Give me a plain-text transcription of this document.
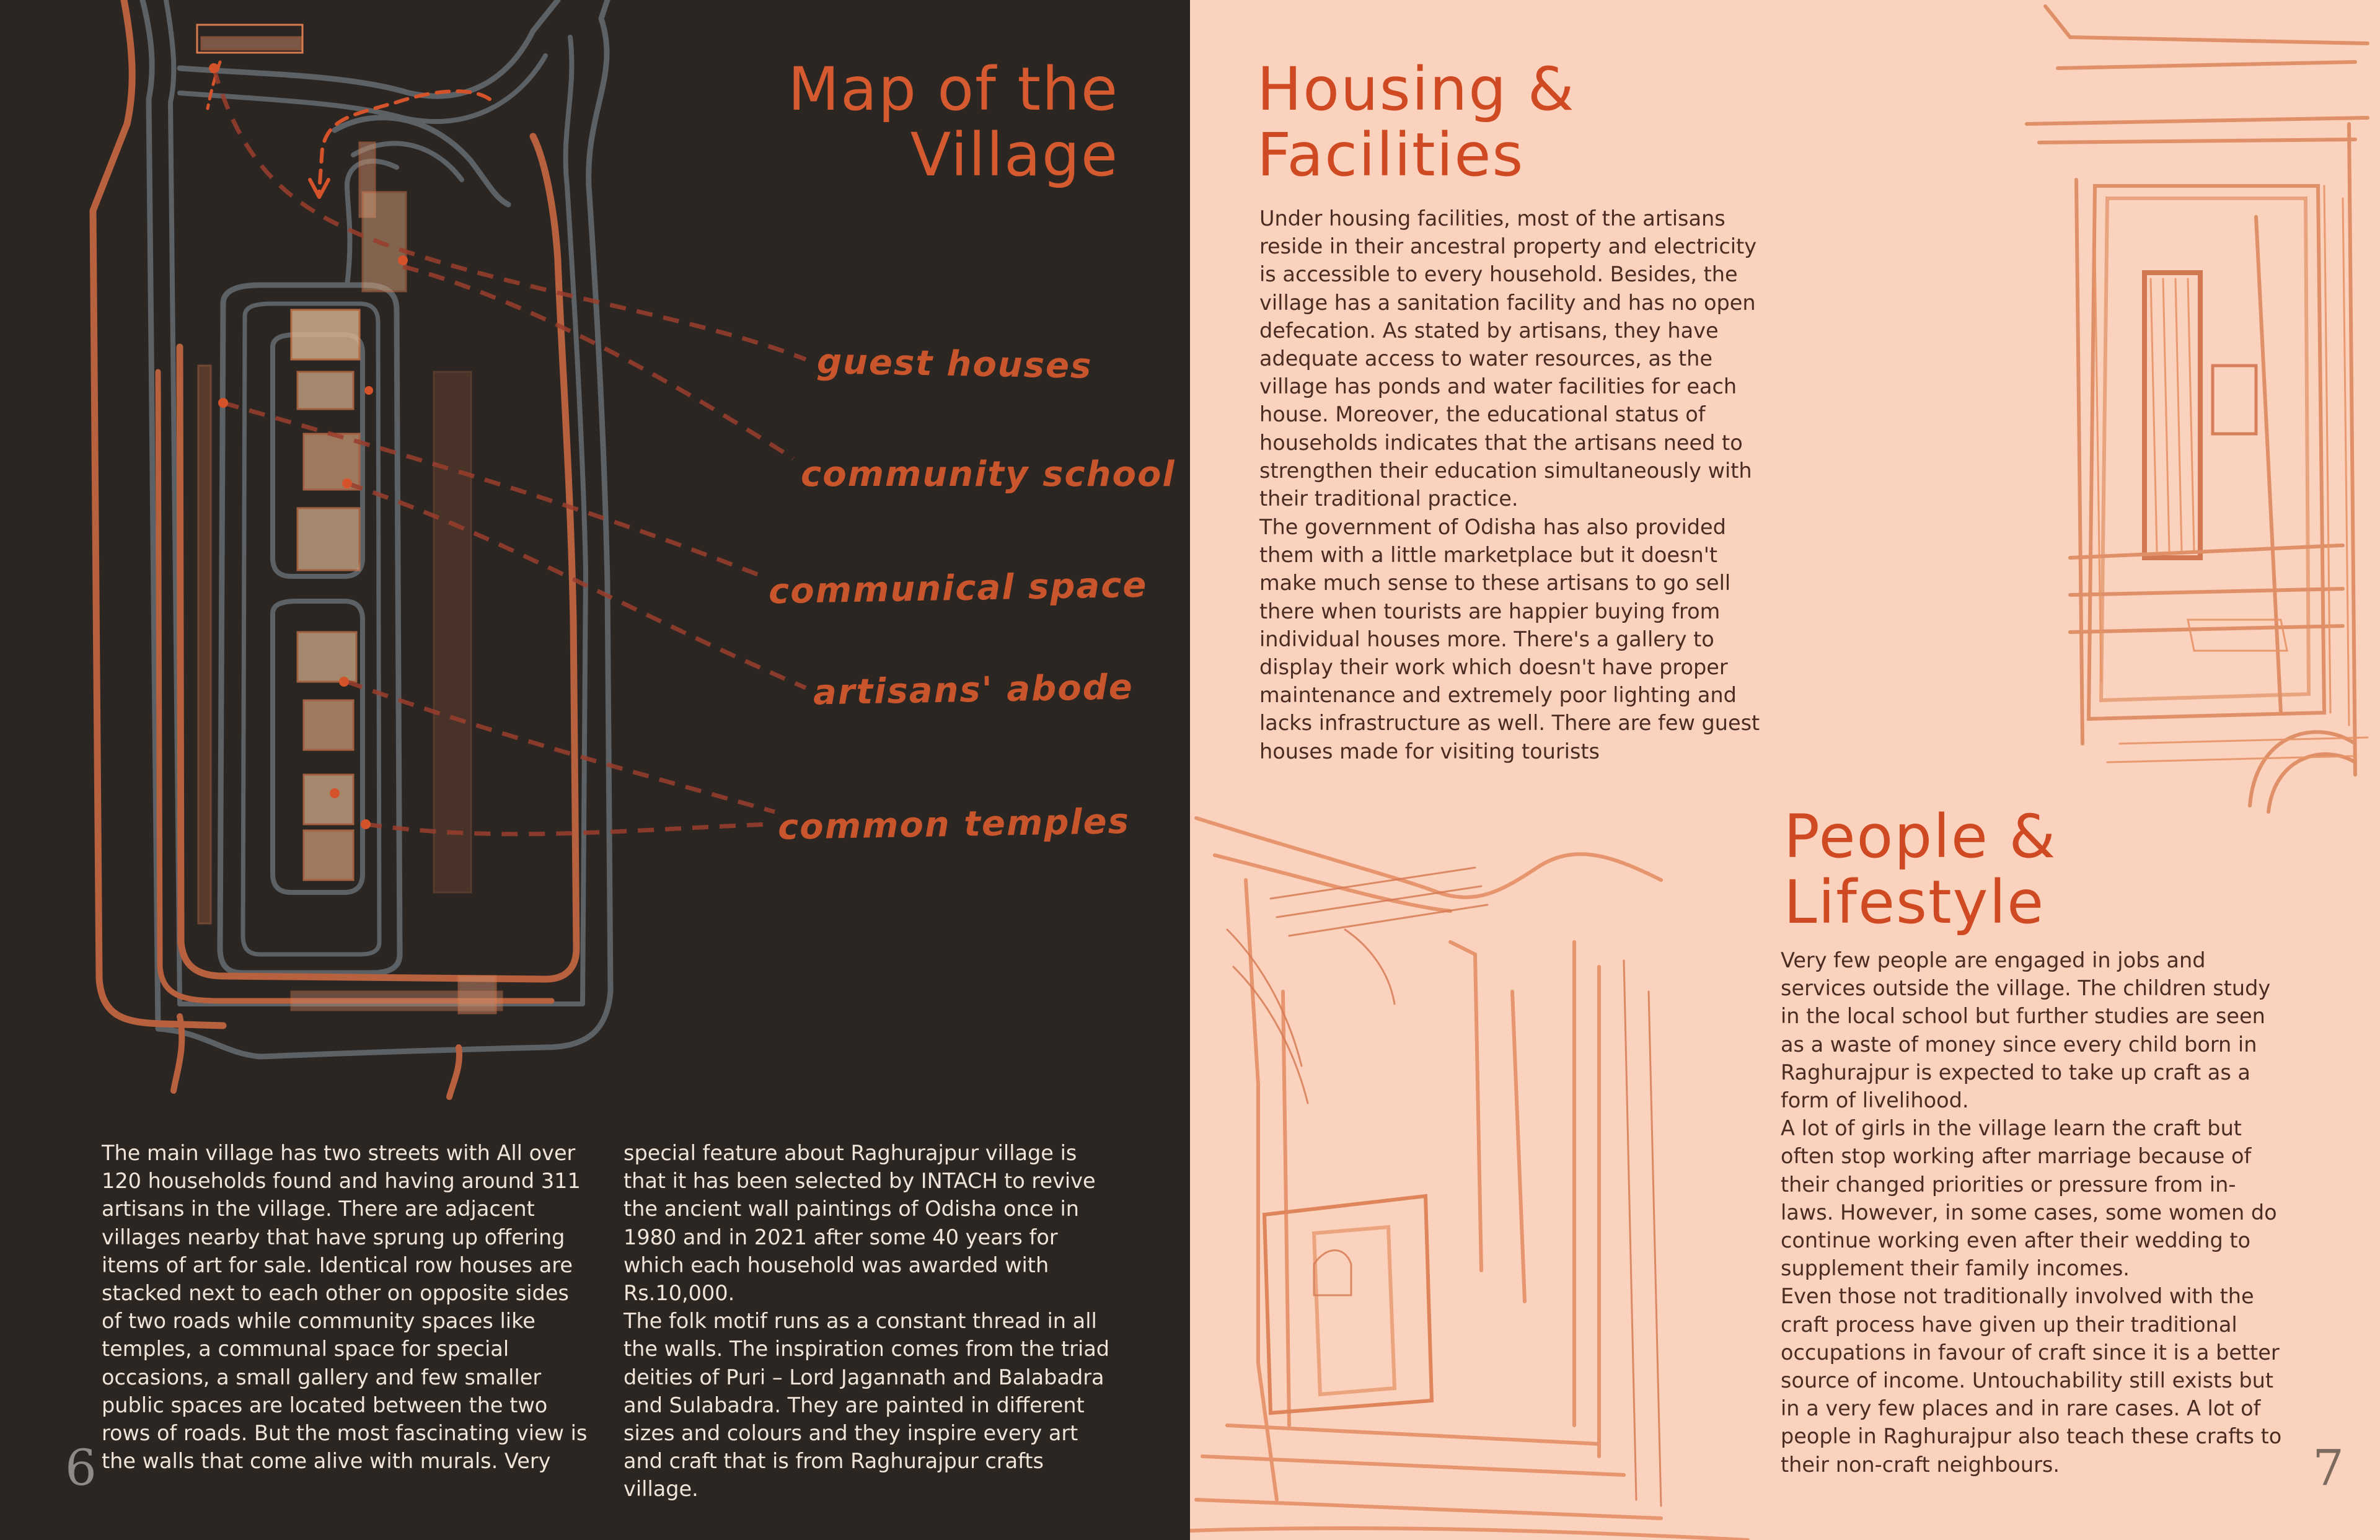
Map of the Village

guest houses

community school

communical space

artisans' abode

common temples

The main village has two streets with All over 120 households found and having around 311 artisans in the village. There are adjacent villages nearby that have sprung up offering items of art for sale. Identical row houses are stacked next to each other on opposite sides of two roads while community spaces like temples, a communal space for special occasions, a small gallery and few smaller public spaces are located between the two rows of roads. But the most fascinating view is the walls that come alive with murals. Very

special feature about Raghurajpur village is that it has been selected by INTACH to revive the ancient wall paintings of Odisha once in 1980 and in 2021 after some 40 years for which each household was awarded with Rs.10,000.
The folk motif runs as a constant thread in all the walls. The inspiration comes from the triad deities of Puri – Lord Jagannath and Balabadra and Sulabadra. They are painted in different sizes and colours and they inspire every art and craft that is from Raghurajpur crafts village.

6

Housing & Facilities

Under housing facilities, most of the artisans reside in their ancestral property and electricity is accessible to every household. Besides, the village has a sanitation facility and has no open defecation. As stated by artisans, they have adequate access to water resources, as the village has ponds and water facilities for each house. Moreover, the educational status of households indicates that the artisans need to strengthen their education simultaneously with their traditional practice.

The government of Odisha has also provided them with a little marketplace but it doesn't make much sense to these artisans to go sell there when tourists are happier buying from individual houses more. There's a gallery to display their work which doesn't have proper maintenance and extremely poor lighting and lacks infrastructure as well. There are few guest houses made for visiting tourists

People & Lifestyle

Very few people are engaged in jobs and services outside the village. The children study in the local school but further studies are seen as a waste of money since every child born in Raghurajpur is expected to take up craft as a form of livelihood.
A lot of girls in the village learn the craft but often stop working after marriage because of their changed priorities or pressure from in-laws. However, in some cases, some women do continue working even after their wedding to supplement their family incomes.
Even those not traditionally involved with the craft process have given up their traditional occupations in favour of craft since it is a better source of income. Untouchability still exists but in a very few places and in rare cases. A lot of people in Raghurajpur also teach these crafts to their non-craft neighbours.	7
